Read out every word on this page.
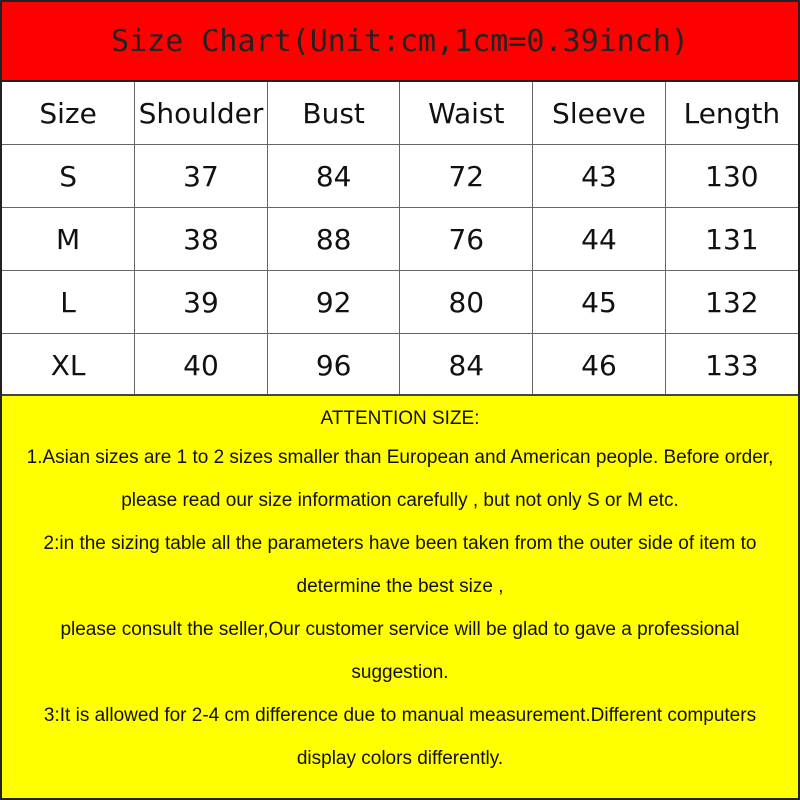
Size Chart(Unit:cm,1cm=0.39inch)
Size	Shoulder	Bust	Waist	Sleeve	Length
S	37	84	72	43	130
M	38	88	76	44	131
L	39	92	80	45	132
XL	40	96	84	46	133
ATTENTION SIZE:
1.Asian sizes are 1 to 2 sizes smaller than European and American people. Before order,
please read our size information carefully , but not only S or M etc.
2:in the sizing table all the parameters have been taken from the outer side of item to
determine the best size ,
please consult the seller,Our customer service will be glad to gave a professional
suggestion.
3:It is allowed for 2-4 cm difference due to manual measurement.Different computers
display colors differently.
